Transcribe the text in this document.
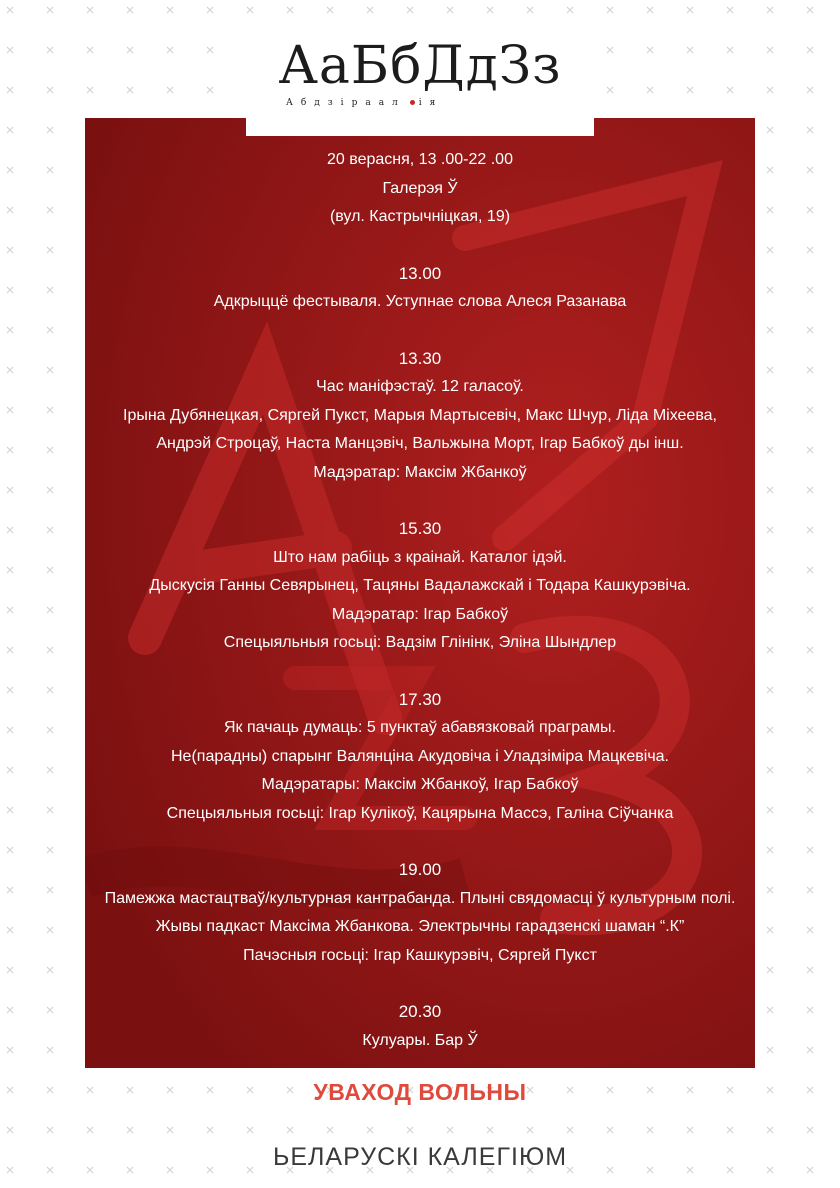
АаБбДдЗз
Абдзіраал ія

20 верасня, 13 .00-22 .00

Галерэя Ў

(вул. Кастрычніцкая, 19)

13.00

Адкрыццё фестываля. Уступнае слова Алеся Разанава

13.30

Час маніфэстаў. 12 галасоў.

Ірына Дубянецкая, Сяргей Пукст, Марыя Мартысевіч, Макс Шчур, Ліда Міхеева,

Андрэй Строцаў, Наста Манцэвіч, Вальжына Морт, Ігар Бабкоў ды інш.

Мадэратар: Максім Жбанкоў

15.30

Што нам рабіць з краінай. Каталог ідэй.

Дыскусія Ганны Севярынец, Тацяны Вадалажскай і Тодара Кашкурэвіча.

Мадэратар: Ігар Бабкоў

Спецыяльныя госьці: Вадзім Глінінк, Эліна Шындлер

17.30

Як пачаць думаць: 5 пунктаў абавязковай праграмы.

Не(парадны) спарынг Валянціна Акудовіча і Уладзіміра Мацкевіча.

Мадэратары: Максім Жбанкоў, Ігар Бабкоў

Спецыяльныя госьці: Ігар Кулікоў, Кацярына Массэ, Галіна Сіўчанка

19.00

Памежжа мастацтваў/культурная кантрабанда. Плыні свядомасці ў культурным полі.

Жывы падкаст Максіма Жбанкова. Электрычны гарадзенскі шаман “.К”

Пачэсныя госьці: Ігар Кашкурэвіч, Сяргей Пукст

20.30

Кулуары. Бар Ў

УВАХОД ВОЛЬНЫ
ЬЕЛАРУСКІ КАЛЕГІЮМ
